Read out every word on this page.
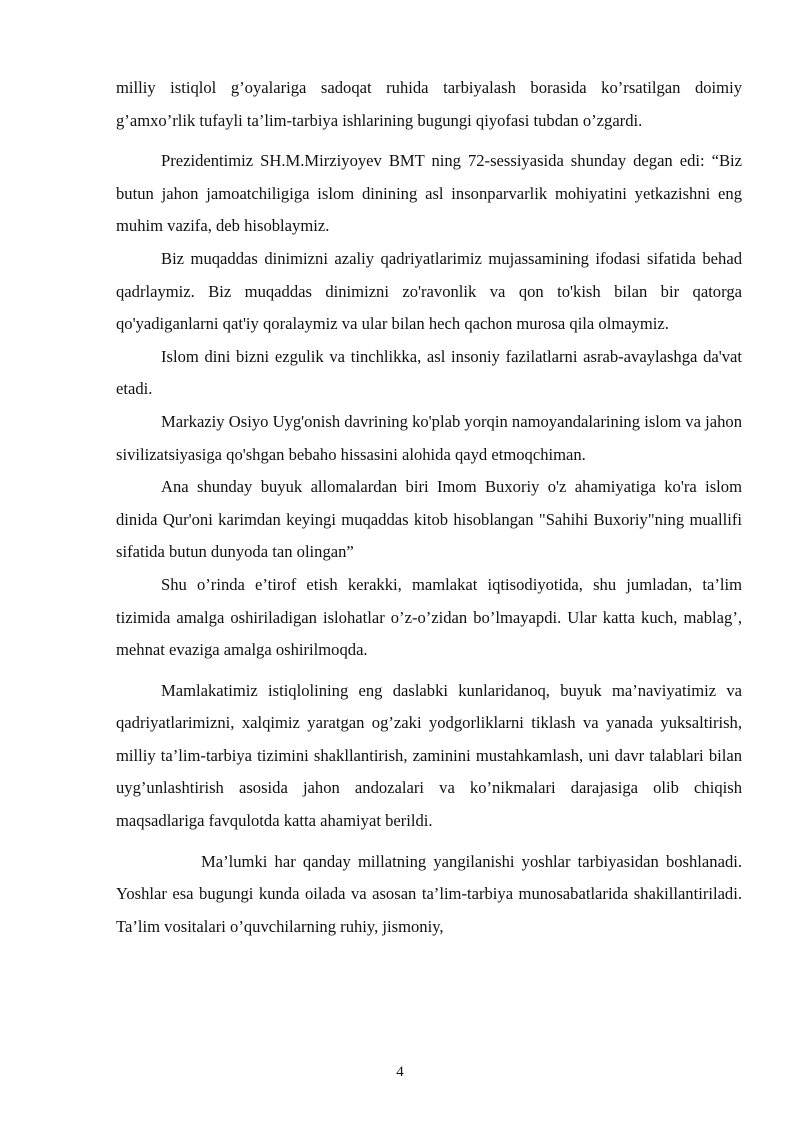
milliy istiqlol g’oyalariga sadoqat ruhida tarbiyalash borasida ko’rsatilgan doimiy g’amxo’rlik tufayli ta’lim-tarbiya ishlarining bugungi qiyofasi tubdan o’zgardi.

Prezidentimiz SH.M.Mirziyoyev BMT ning 72-sessiyasida shunday degan edi: “Biz butun jahon jamoatchiligiga islom dinining asl insonparvarlik mohiyatini yetkazishni eng muhim vazifa, deb hisoblaymiz.

Biz muqaddas dinimizni azaliy qadriyatlarimiz mujassamining ifodasi sifatida behad qadrlaymiz. Biz muqaddas dinimizni zo'ravonlik va qon to'kish bilan bir qatorga qo'yadiganlarni qat'iy qoralaymiz va ular bilan hech qachon murosa qila olmaymiz.

Islom dini bizni ezgulik va tinchlikka, asl insoniy fazilatlarni asrab-avaylashga da'vat etadi.

Markaziy Osiyo Uyg'onish davrining ko'plab yorqin namoyandalarining islom va jahon sivilizatsiyasiga qo'shgan bebaho hissasini alohida qayd etmoqchiman.

Ana shunday buyuk allomalardan biri Imom Buxoriy o'z ahamiyatiga ko'ra islom dinida Qur'oni karimdan keyingi muqaddas kitob hisoblangan "Sahihi Buxoriy"ning muallifi sifatida butun dunyoda tan olingan”

Shu o’rinda e’tirof etish kerakki, mamlakat iqtisodiyotida, shu jumladan, ta’lim tizimida amalga oshiriladigan islohatlar o’z-o’zidan bo’lmayapdi. Ular katta kuch, mablag’, mehnat evaziga amalga oshirilmoqda.

Mamlakatimiz istiqlolining eng daslabki kunlaridanoq, buyuk ma’naviyatimiz va qadriyatlarimizni, xalqimiz yaratgan og’zaki yodgorliklarni tiklash va yanada yuksaltirish, milliy ta’lim-tarbiya tizimini shakllantirish, zaminini mustahkamlash, uni davr talablari bilan uyg’unlashtirish asosida jahon andozalari va ko’nikmalari darajasiga olib chiqish maqsadlariga favqulotda katta ahamiyat berildi.

Ma’lumki har qanday millatning yangilanishi yoshlar tarbiyasidan boshlanadi. Yoshlar esa bugungi kunda oilada va asosan ta’lim-tarbiya munosabatlarida shakillantiriladi. Ta’lim vositalari o’quvchilarning ruhiy, jismoniy,

4
